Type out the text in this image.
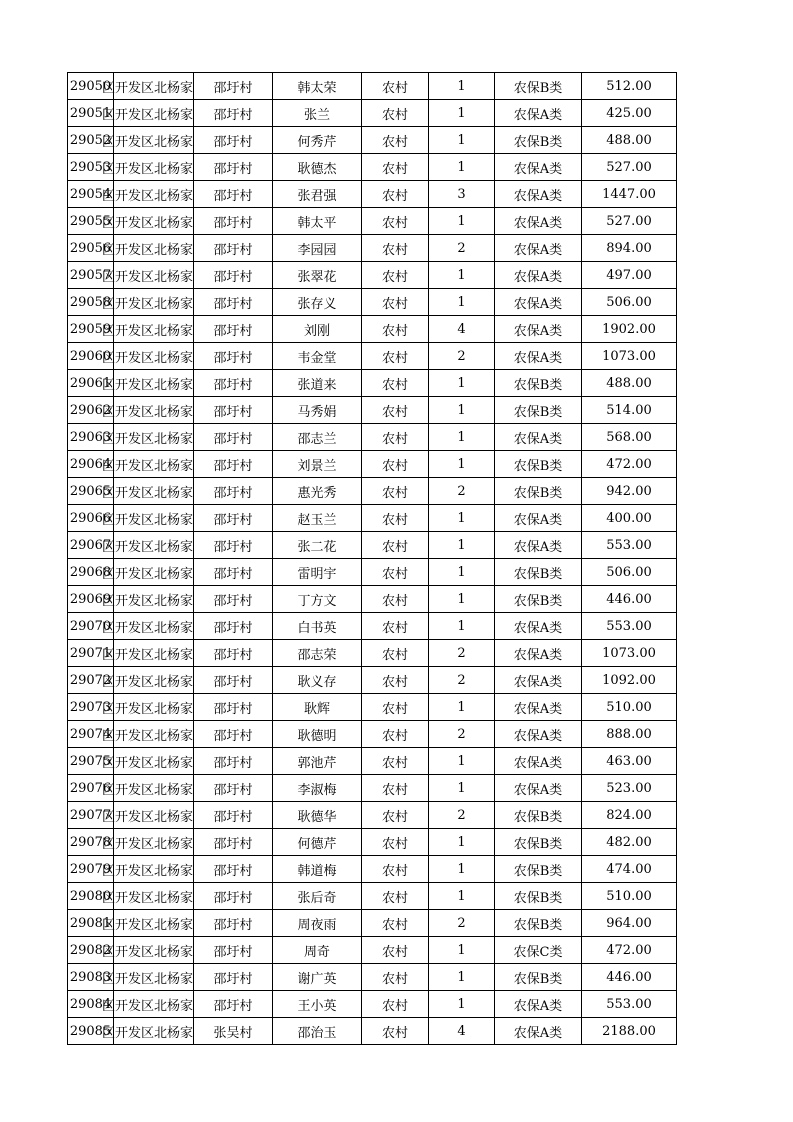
29050	区开发区北杨家	邵圩村	韩太荣	农村	1	农保B类	512.00
29051	区开发区北杨家	邵圩村	张兰	农村	1	农保A类	425.00
29052	区开发区北杨家	邵圩村	何秀芹	农村	1	农保B类	488.00
29053	区开发区北杨家	邵圩村	耿德杰	农村	1	农保A类	527.00
29054	区开发区北杨家	邵圩村	张君强	农村	3	农保A类	1447.00
29055	区开发区北杨家	邵圩村	韩太平	农村	1	农保A类	527.00
29056	区开发区北杨家	邵圩村	李园园	农村	2	农保A类	894.00
29057	区开发区北杨家	邵圩村	张翠花	农村	1	农保A类	497.00
29058	区开发区北杨家	邵圩村	张存义	农村	1	农保A类	506.00
29059	区开发区北杨家	邵圩村	刘刚	农村	4	农保A类	1902.00
29060	区开发区北杨家	邵圩村	韦金堂	农村	2	农保A类	1073.00
29061	区开发区北杨家	邵圩村	张道来	农村	1	农保B类	488.00
29062	区开发区北杨家	邵圩村	马秀娟	农村	1	农保B类	514.00
29063	区开发区北杨家	邵圩村	邵志兰	农村	1	农保A类	568.00
29064	区开发区北杨家	邵圩村	刘景兰	农村	1	农保B类	472.00
29065	区开发区北杨家	邵圩村	惠光秀	农村	2	农保B类	942.00
29066	区开发区北杨家	邵圩村	赵玉兰	农村	1	农保A类	400.00
29067	区开发区北杨家	邵圩村	张二花	农村	1	农保A类	553.00
29068	区开发区北杨家	邵圩村	雷明宇	农村	1	农保B类	506.00
29069	区开发区北杨家	邵圩村	丁方文	农村	1	农保B类	446.00
29070	区开发区北杨家	邵圩村	白书英	农村	1	农保A类	553.00
29071	区开发区北杨家	邵圩村	邵志荣	农村	2	农保A类	1073.00
29072	区开发区北杨家	邵圩村	耿义存	农村	2	农保A类	1092.00
29073	区开发区北杨家	邵圩村	耿辉	农村	1	农保A类	510.00
29074	区开发区北杨家	邵圩村	耿德明	农村	2	农保A类	888.00
29075	区开发区北杨家	邵圩村	郭池芹	农村	1	农保A类	463.00
29076	区开发区北杨家	邵圩村	李淑梅	农村	1	农保A类	523.00
29077	区开发区北杨家	邵圩村	耿德华	农村	2	农保B类	824.00
29078	区开发区北杨家	邵圩村	何德芹	农村	1	农保B类	482.00
29079	区开发区北杨家	邵圩村	韩道梅	农村	1	农保B类	474.00
29080	区开发区北杨家	邵圩村	张后奇	农村	1	农保B类	510.00
29081	区开发区北杨家	邵圩村	周夜雨	农村	2	农保B类	964.00
29082	区开发区北杨家	邵圩村	周奇	农村	1	农保C类	472.00
29083	区开发区北杨家	邵圩村	谢广英	农村	1	农保B类	446.00
29084	区开发区北杨家	邵圩村	王小英	农村	1	农保A类	553.00
29085	区开发区北杨家	张吴村	邵治玉	农村	4	农保A类	2188.00
